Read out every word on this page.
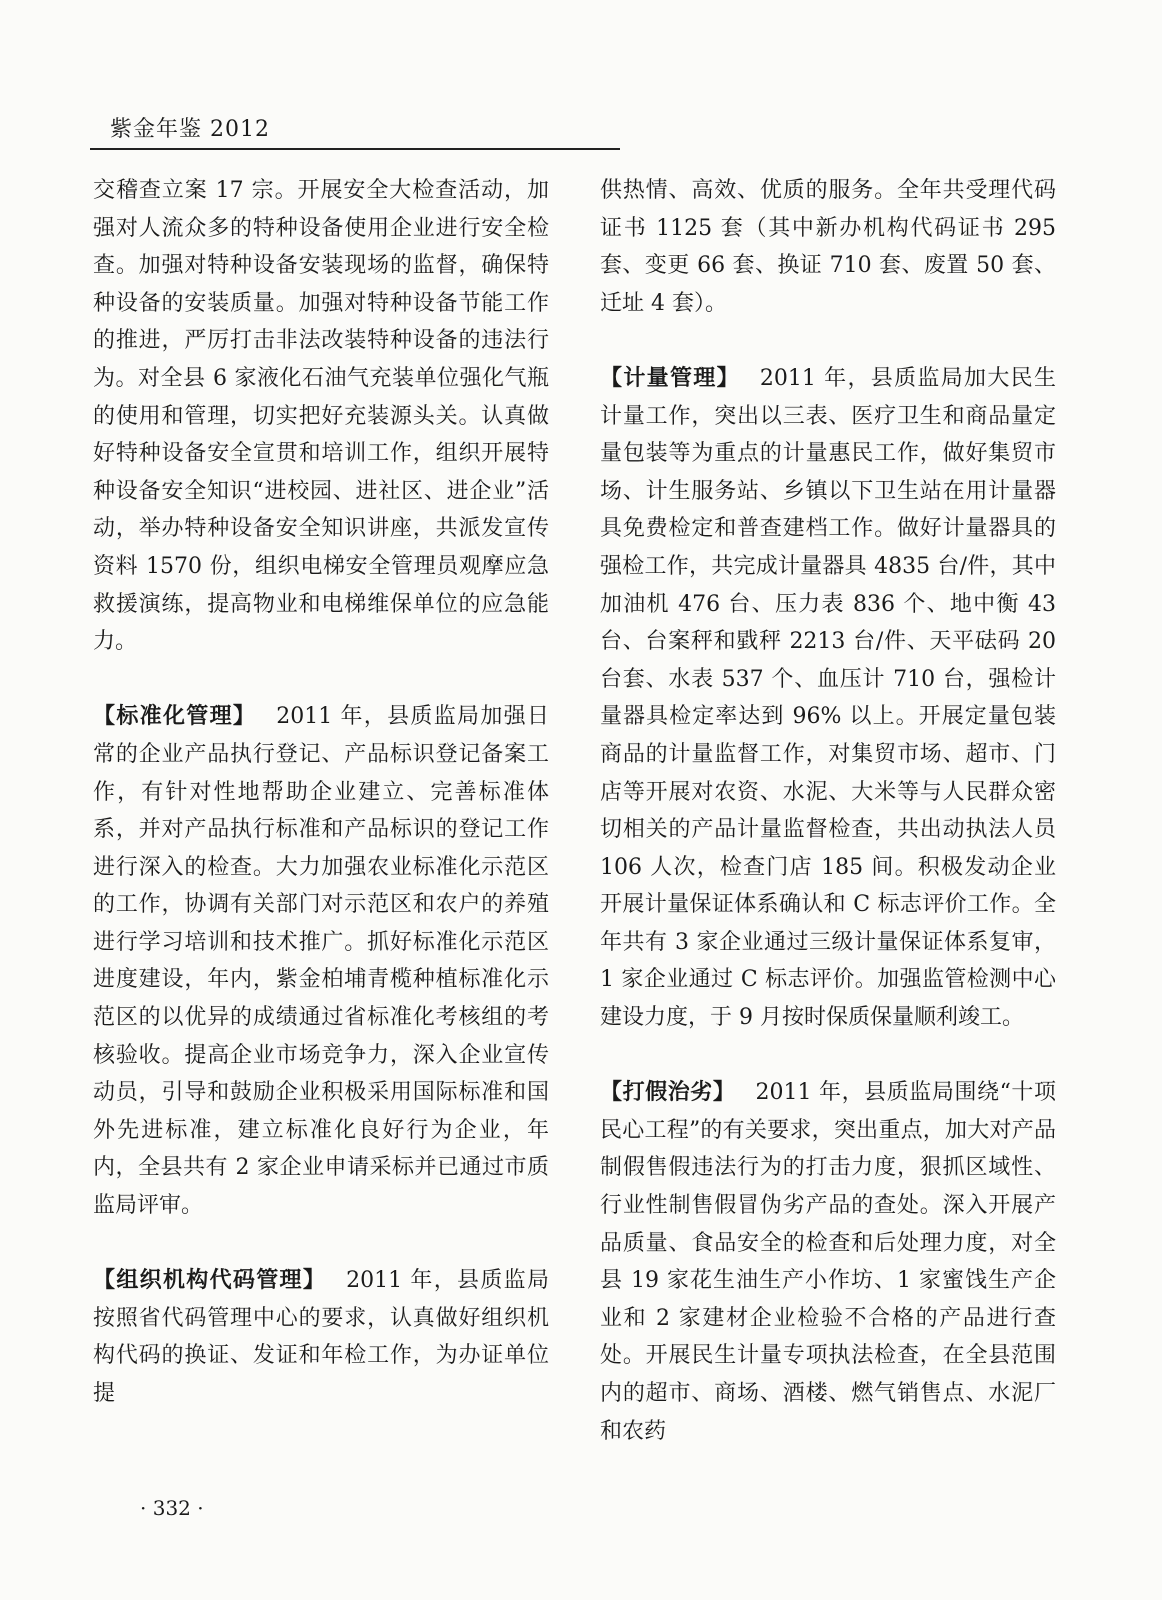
紫金年鉴 2012

交稽查立案 17 宗。开展安全大检查活动，加强对人流众多的特种设备使用企业进行安全检查。加强对特种设备安装现场的监督，确保特种设备的安装质量。加强对特种设备节能工作的推进，严厉打击非法改装特种设备的违法行为。对全县 6 家液化石油气充装单位强化气瓶的使用和管理，切实把好充装源头关。认真做好特种设备安全宣贯和培训工作，组织开展特种设备安全知识“进校园、进社区、进企业”活动，举办特种设备安全知识讲座，共派发宣传资料 1570 份，组织电梯安全管理员观摩应急救援演练，提高物业和电梯维保单位的应急能力。

【标准化管理】 2011 年，县质监局加强日常的企业产品执行登记、产品标识登记备案工作，有针对性地帮助企业建立、完善标准体系，并对产品执行标准和产品标识的登记工作进行深入的检查。大力加强农业标准化示范区的工作，协调有关部门对示范区和农户的养殖进行学习培训和技术推广。抓好标准化示范区进度建设，年内，紫金柏埔青榄种植标准化示范区的以优异的成绩通过省标准化考核组的考核验收。提高企业市场竞争力，深入企业宣传动员，引导和鼓励企业积极采用国际标准和国外先进标准，建立标准化良好行为企业，年内，全县共有 2 家企业申请采标并已通过市质监局评审。

【组织机构代码管理】 2011 年，县质监局按照省代码管理中心的要求，认真做好组织机构代码的换证、发证和年检工作，为办证单位提

供热情、高效、优质的服务。全年共受理代码证书 1125 套（其中新办机构代码证书 295 套、变更 66 套、换证 710 套、废置 50 套、迁址 4 套）。

【计量管理】 2011 年，县质监局加大民生计量工作，突出以三表、医疗卫生和商品量定量包装等为重点的计量惠民工作，做好集贸市场、计生服务站、乡镇以下卫生站在用计量器具免费检定和普查建档工作。做好计量器具的强检工作，共完成计量器具 4835 台/件，其中加油机 476 台、压力表 836 个、地中衡 43 台、台案秤和戥秤 2213 台/件、天平砝码 20 台套、水表 537 个、血压计 710 台，强检计量器具检定率达到 96% 以上。开展定量包装商品的计量监督工作，对集贸市场、超市、门店等开展对农资、水泥、大米等与人民群众密切相关的产品计量监督检查，共出动执法人员 106 人次，检查门店 185 间。积极发动企业开展计量保证体系确认和 C 标志评价工作。全年共有 3 家企业通过三级计量保证体系复审，1 家企业通过 C 标志评价。加强监管检测中心建设力度，于 9 月按时保质保量顺利竣工。

【打假治劣】 2011 年，县质监局围绕“十项民心工程”的有关要求，突出重点，加大对产品制假售假违法行为的打击力度，狠抓区域性、行业性制售假冒伪劣产品的查处。深入开展产品质量、食品安全的检查和后处理力度，对全县 19 家花生油生产小作坊、1 家蜜饯生产企业和 2 家建材企业检验不合格的产品进行查处。开展民生计量专项执法检查，在全县范围内的超市、商场、酒楼、燃气销售点、水泥厂和农药

· 332 ·
